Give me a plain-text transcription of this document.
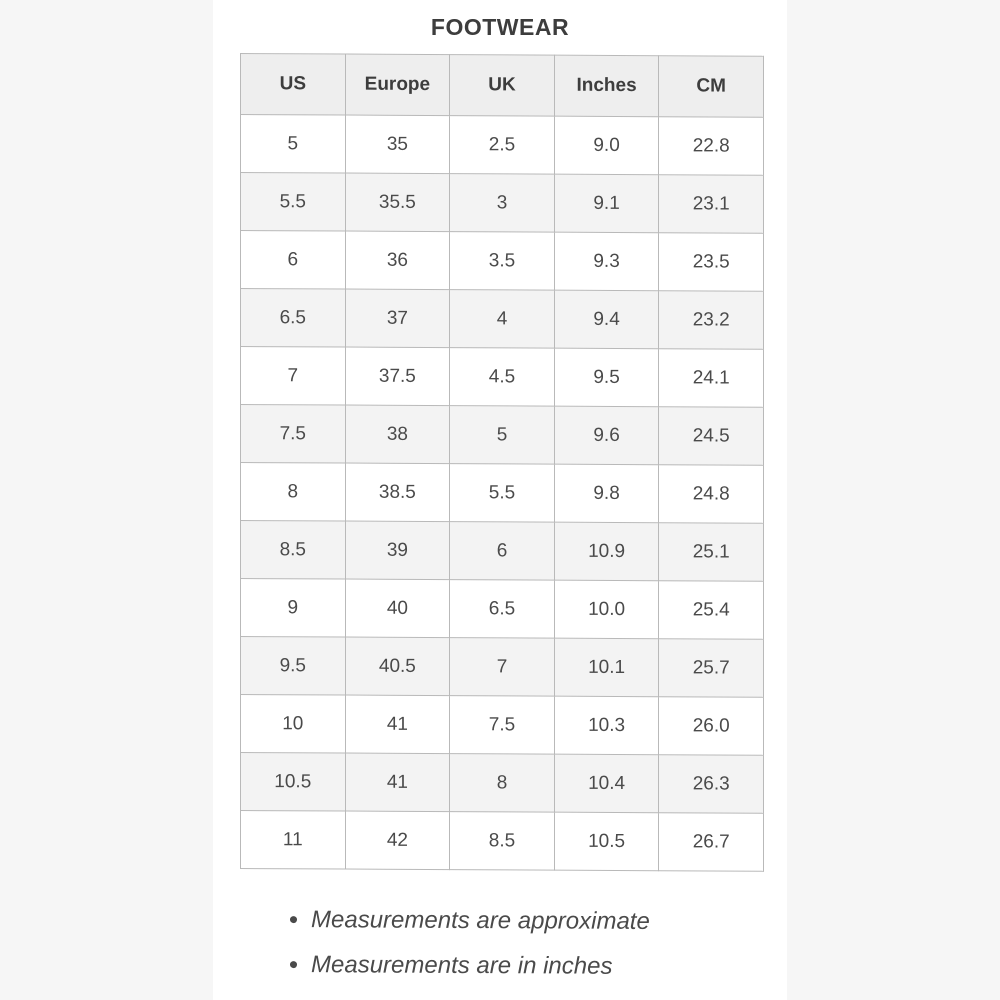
FOOTWEAR
US	Europe	UK	Inches	CM
5	35	2.5	9.0	22.8
5.5	35.5	3	9.1	23.1
6	36	3.5	9.3	23.5
6.5	37	4	9.4	23.2
7	37.5	4.5	9.5	24.1
7.5	38	5	9.6	24.5
8	38.5	5.5	9.8	24.8
8.5	39	6	10.9	25.1
9	40	6.5	10.0	25.4
9.5	40.5	7	10.1	25.7
10	41	7.5	10.3	26.0
10.5	41	8	10.4	26.3
11	42	8.5	10.5	26.7
• Measurements are approximate
• Measurements are in inches
